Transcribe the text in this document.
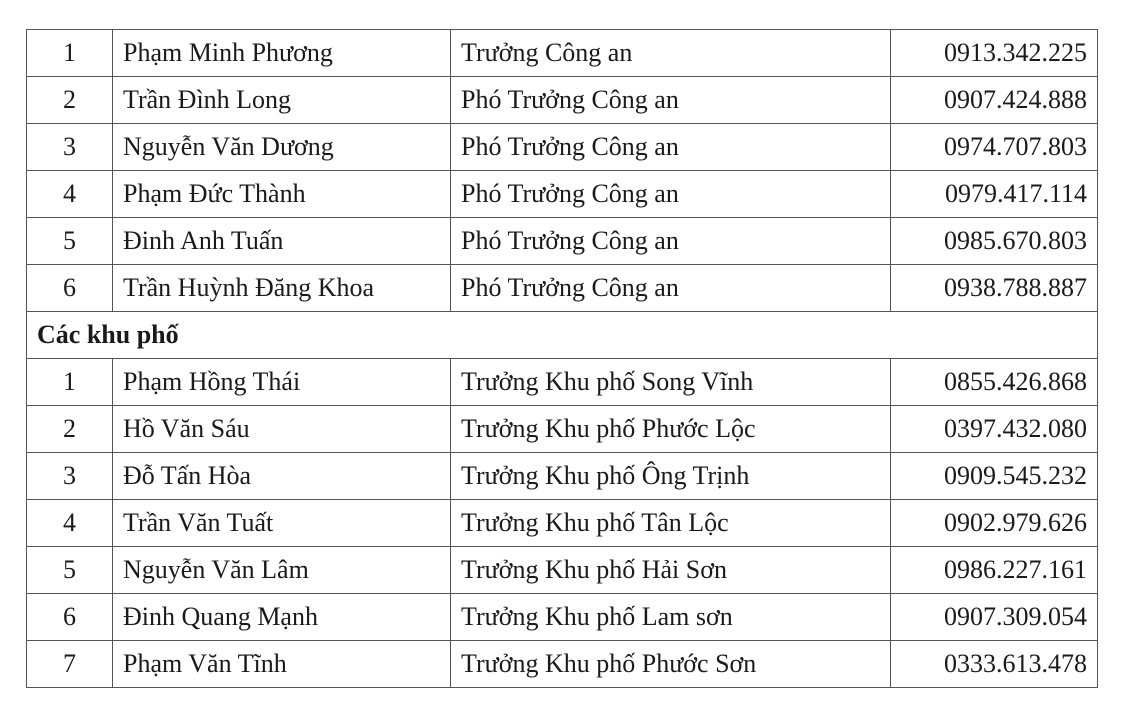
1	Phạm Minh Phương	Trưởng Công an	0913.342.225
2	Trần Đình Long	Phó Trưởng Công an	0907.424.888
3	Nguyễn Văn Dương	Phó Trưởng Công an	0974.707.803
4	Phạm Đức Thành	Phó Trưởng Công an	0979.417.114
5	Đinh Anh Tuấn	Phó Trưởng Công an	0985.670.803
6	Trần Huỳnh Đăng Khoa	Phó Trưởng Công an	0938.788.887
Các khu phố			
1	Phạm Hồng Thái	Trưởng Khu phố Song Vĩnh	0855.426.868
2	Hồ Văn Sáu	Trưởng Khu phố Phước Lộc	0397.432.080
3	Đỗ Tấn Hòa	Trưởng Khu phố Ông Trịnh	0909.545.232
4	Trần Văn Tuất	Trưởng Khu phố Tân Lộc	0902.979.626
5	Nguyễn Văn Lâm	Trưởng Khu phố Hải Sơn	0986.227.161
6	Đinh Quang Mạnh	Trưởng Khu phố Lam sơn	0907.309.054
7	Phạm Văn Tĩnh	Trưởng Khu phố Phước Sơn	0333.613.478
